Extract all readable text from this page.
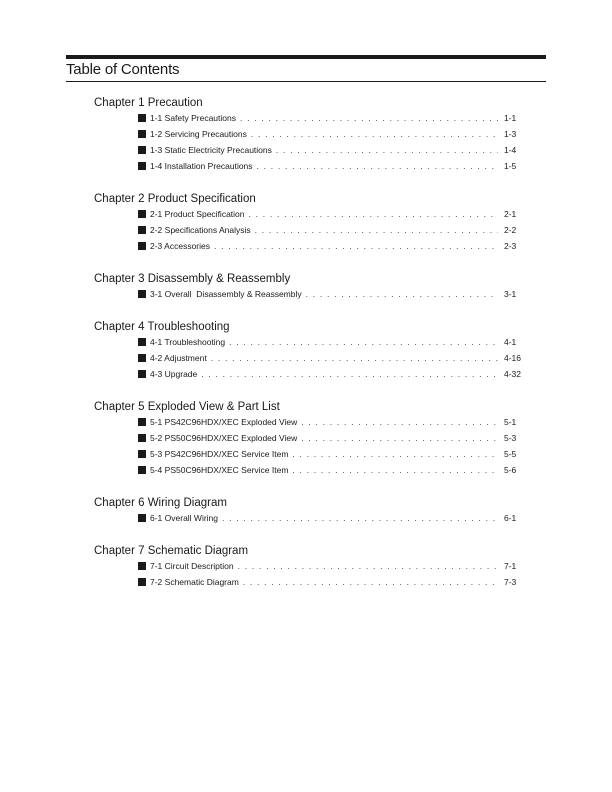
Table of Contents
Chapter 1 Precaution
1-1 Safety Precautions . . .	1-1
1-2 Servicing Precautions . . .	1-3
1-3 Static Electricity Precautions . . .	1-4
1-4 Installation Precautions . . .	1-5
Chapter 2 Product Specification
2-1 Product Specification . . .	2-1
2-2 Specifications Analysis . . .	2-2
2-3 Accessories . . .	2-3
Chapter 3 Disassembly & Reassembly
3-1 Overall  Disassembly & Reassembly . . .	3-1
Chapter 4 Troubleshooting
4-1 Troubleshooting . . .	4-1
4-2 Adjustment . . .	4-16
4-3 Upgrade . . .	4-32
Chapter 5 Exploded View & Part List
5-1 PS42C96HDX/XEC Exploded View . . .	5-1
5-2 PS50C96HDX/XEC Exploded View . . .	5-3
5-3 PS42C96HDX/XEC Service Item . . .	5-5
5-4 PS50C96HDX/XEC Service Item . . .	5-6
Chapter 6 Wiring Diagram
6-1 Overall Wiring . . .	6-1
Chapter 7 Schematic Diagram
7-1 Circuit Description . . .	7-1
7-2 Schematic Diagram . . .	7-3
